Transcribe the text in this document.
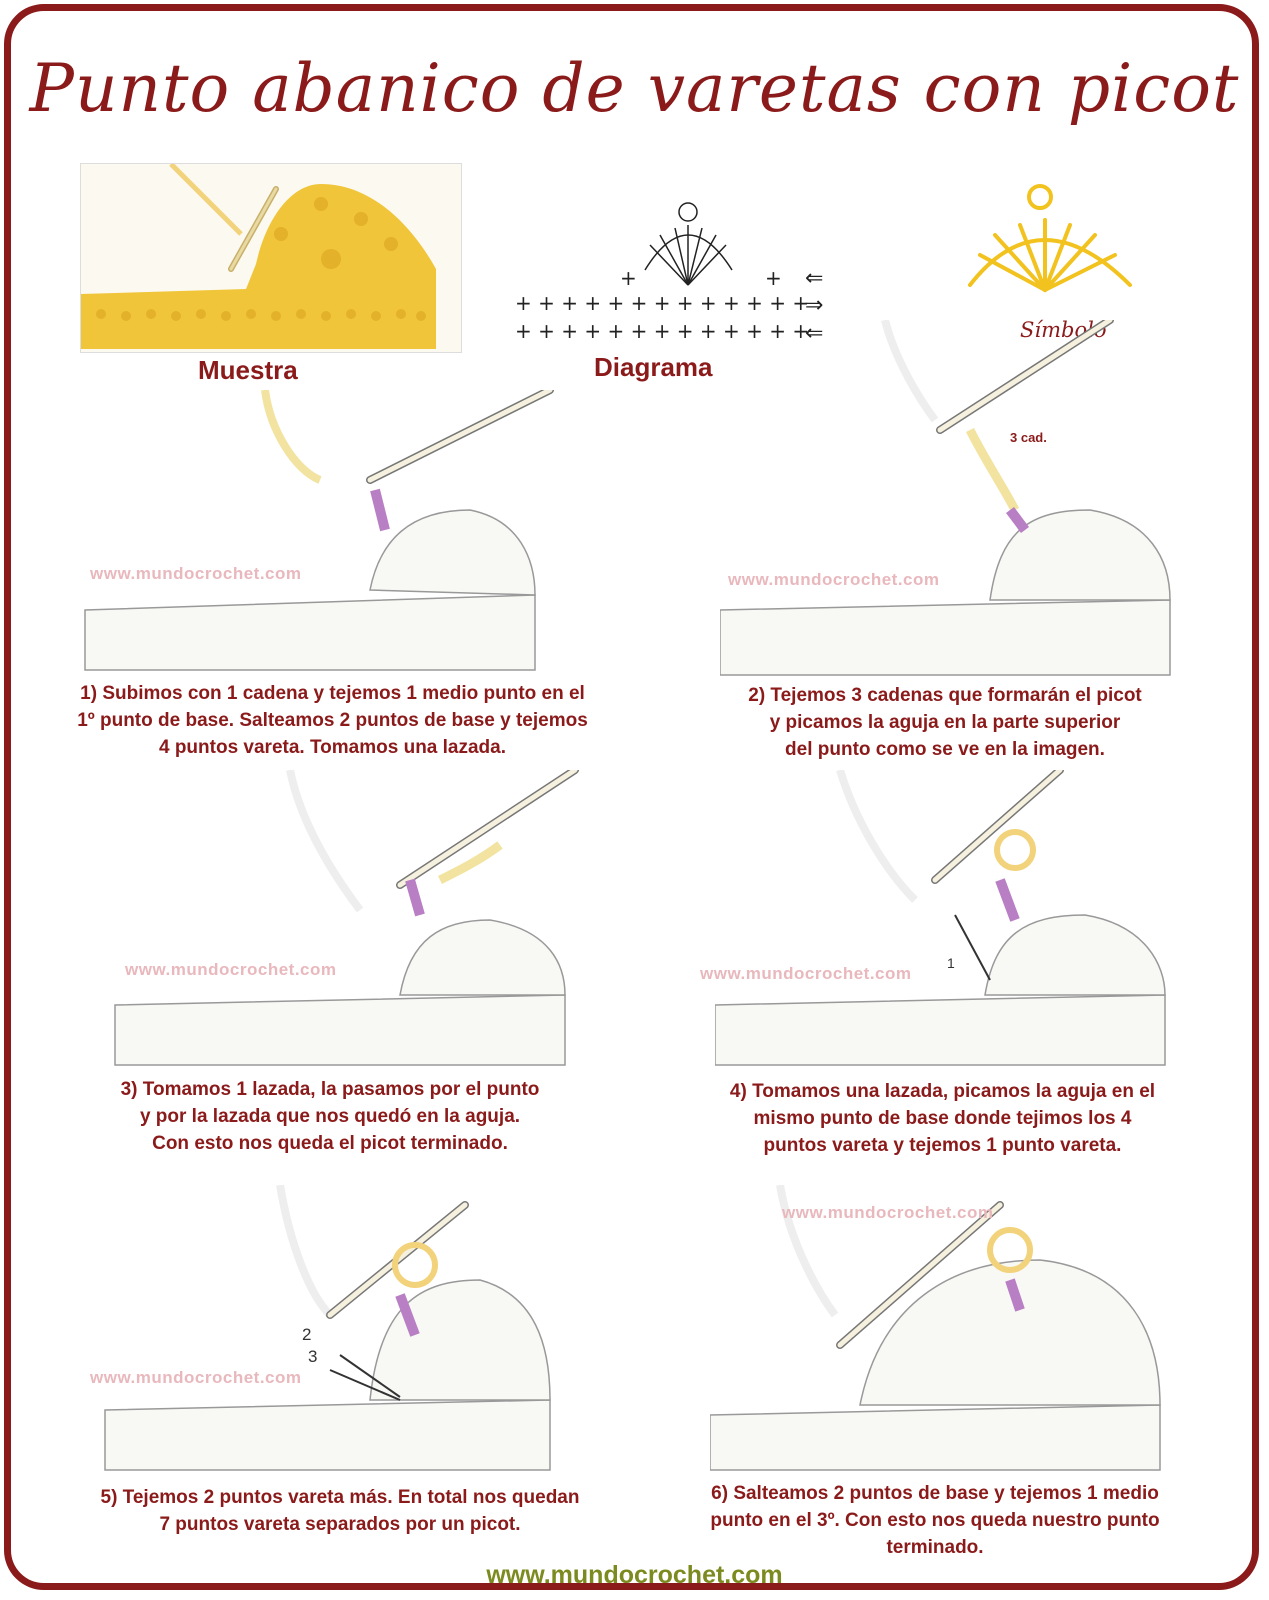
Punto abanico de varetas con picot
Muestra
+ + + + + + + + + + + + +
+ + + + + + + + + + + + +
+	+ ⇐
⇒
⇐
Diagrama
Símbolo
www.mundocrochet.com
3 cad.
www.mundocrochet.com
1) Subimos con 1 cadena y tejemos 1 medio punto en el
1º punto de base. Salteamos 2 puntos de base y tejemos
4 puntos vareta. Tomamos una lazada.
2) Tejemos 3 cadenas que formarán el picot
y picamos la aguja en la parte superior
del punto como se ve en la imagen.
www.mundocrochet.com	1
www.mundocrochet.com
3) Tomamos 1 lazada, la pasamos por el punto
y por la lazada que nos quedó en la aguja.
Con esto nos queda el picot terminado.
4) Tomamos una lazada, picamos la aguja en el
mismo punto de base donde tejimos los 4
puntos vareta y tejemos 1 punto vareta.
2
3
www.mundocrochet.com
www.mundocrochet.com
5) Tejemos 2 puntos vareta más. En total nos quedan
7 puntos vareta separados por un picot.
6) Salteamos 2 puntos de base y tejemos 1 medio
punto en el 3º. Con esto nos queda nuestro punto
terminado.
www.mundocrochet.com
